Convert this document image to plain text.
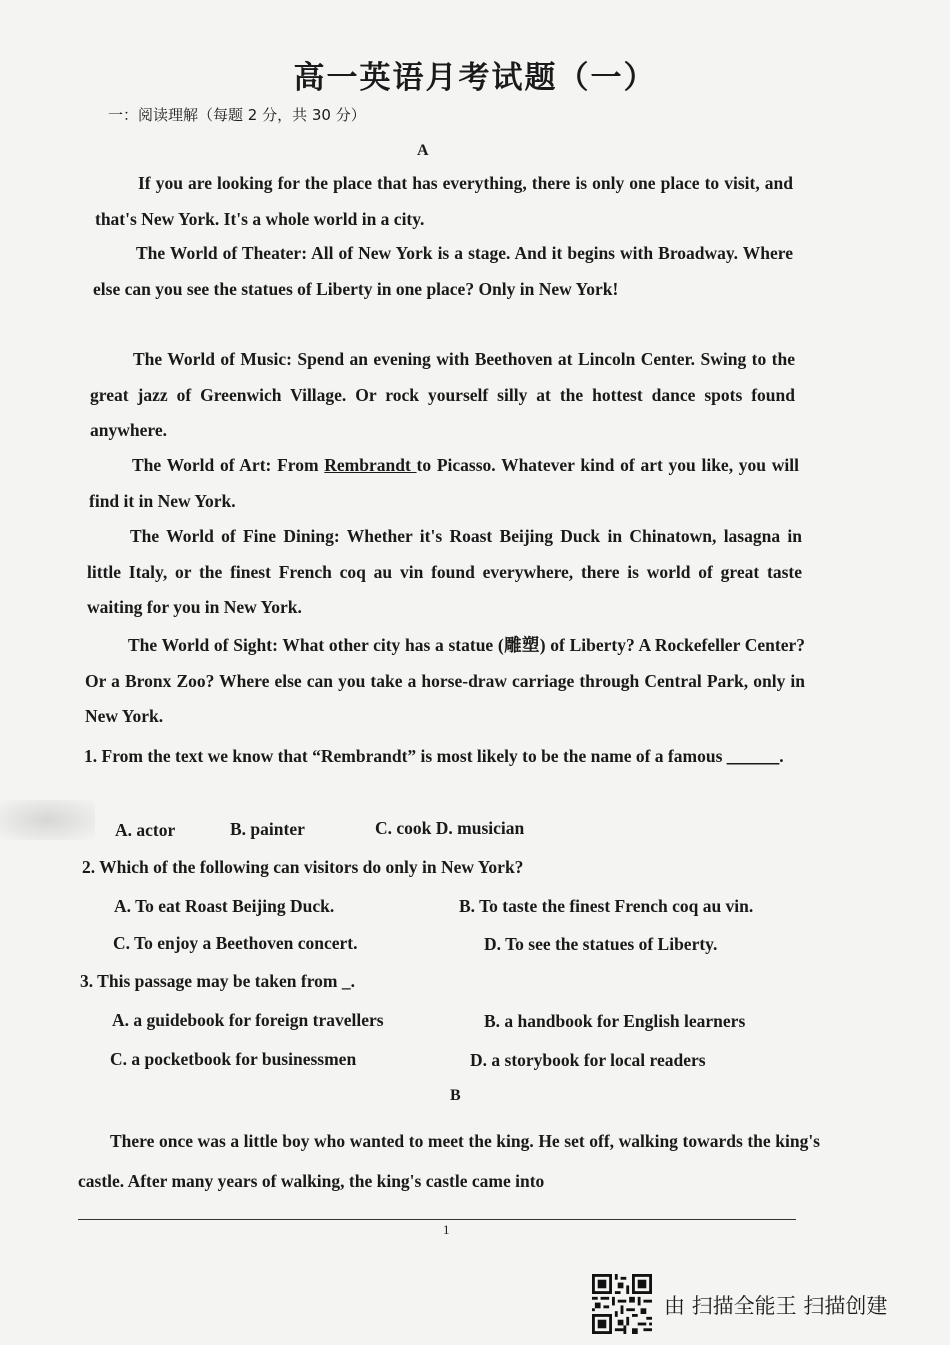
高一英语月考试题（一）
一：阅读理解（每题 2 分，共 30 分）
A
If you are looking for the place that has everything, there is only one place to visit, and that's New York. It's a whole world in a city.
The World of Theater: All of New York is a stage. And it begins with Broadway. Where else can you see the statues of Liberty in one place? Only in New York!
The World of Music: Spend an evening with Beethoven at Lincoln Center. Swing to the great jazz of Greenwich Village. Or rock yourself silly at the hottest dance spots found anywhere.
The World of Art: From Rembrandt to Picasso. Whatever kind of art you like, you will find it in New York.
The World of Fine Dining: Whether it's Roast Beijing Duck in Chinatown, lasagna in little Italy, or the finest French coq au vin found everywhere, there is world of great taste waiting for you in New York.
The World of Sight: What other city has a statue (雕塑) of Liberty? A Rockefeller Center? Or a Bronx Zoo? Where else can you take a horse-draw carriage through Central Park, only in New York.
1. From the text we know that “Rembrandt” is most likely to be the name of a famous ______.
A. actor	B. painter	C. cook D. musician
2. Which of the following can visitors do only in New York?
A. To eat Roast Beijing Duck.	B. To taste the finest French coq au vin.
C. To enjoy a Beethoven concert.	D. To see the statues of Liberty.
3. This passage may be taken from _.
A. a guidebook for foreign travellers	B. a handbook for English learners
C. a pocketbook for businessmen	D. a storybook for local readers
B
There once was a little boy who wanted to meet the king. He set off, walking towards the king's castle. After many years of walking, the king's castle came into
1
由 扫描全能王 扫描创建
